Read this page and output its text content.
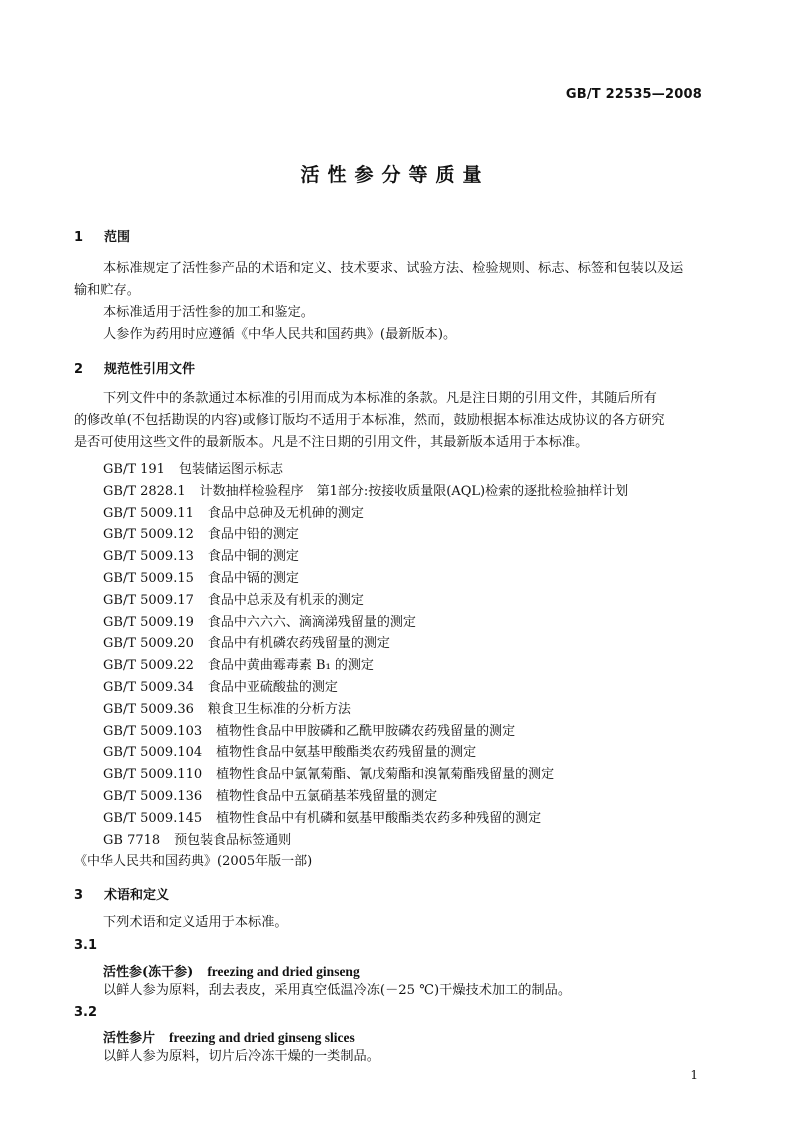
GB/T 22535—2008
活性参分等质量
1 范围
本标准规定了活性参产品的术语和定义、技术要求、试验方法、检验规则、标志、标签和包装以及运
输和贮存。
本标准适用于活性参的加工和鉴定。
人参作为药用时应遵循《中华人民共和国药典》(最新版本)。
2 规范性引用文件
下列文件中的条款通过本标准的引用而成为本标准的条款。凡是注日期的引用文件，其随后所有
的修改单(不包括勘误的内容)或修订版均不适用于本标准，然而，鼓励根据本标准达成协议的各方研究
是否可使用这些文件的最新版本。凡是不注日期的引用文件，其最新版本适用于本标准。
GB/T 191 包装储运图示标志
GB/T 2828.1 计数抽样检验程序　第1部分:按接收质量限(AQL)检索的逐批检验抽样计划
GB/T 5009.11 食品中总砷及无机砷的测定
GB/T 5009.12 食品中铅的测定
GB/T 5009.13 食品中铜的测定
GB/T 5009.15 食品中镉的测定
GB/T 5009.17 食品中总汞及有机汞的测定
GB/T 5009.19 食品中六六六、滴滴涕残留量的测定
GB/T 5009.20 食品中有机磷农药残留量的测定
GB/T 5009.22 食品中黄曲霉毒素 B₁ 的测定
GB/T 5009.34 食品中亚硫酸盐的测定
GB/T 5009.36 粮食卫生标准的分析方法
GB/T 5009.103 植物性食品中甲胺磷和乙酰甲胺磷农药残留量的测定
GB/T 5009.104 植物性食品中氨基甲酸酯类农药残留量的测定
GB/T 5009.110 植物性食品中氯氰菊酯、氰戊菊酯和溴氰菊酯残留量的测定
GB/T 5009.136 植物性食品中五氯硝基苯残留量的测定
GB/T 5009.145 植物性食品中有机磷和氨基甲酸酯类农药多种残留的测定
GB 7718 预包装食品标签通则
《中华人民共和国药典》(2005年版一部)
3 术语和定义
下列术语和定义适用于本标准。
3.1
活性参(冻干参) freezing and dried ginseng
以鲜人参为原料，刮去表皮，采用真空低温冷冻(－25 ℃)干燥技术加工的制品。
3.2
活性参片 freezing and dried ginseng slices
以鲜人参为原料，切片后冷冻干燥的一类制品。
1
